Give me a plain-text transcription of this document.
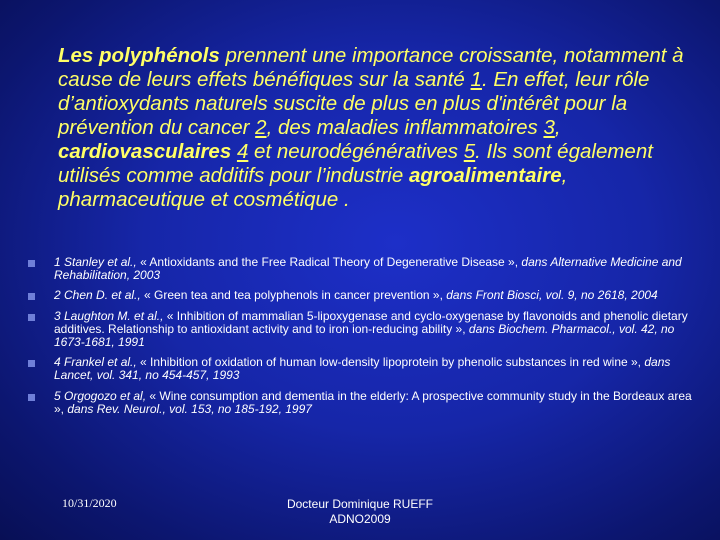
Les polyphénols prennent une importance croissante, notamment à cause de leurs effets bénéfiques sur la santé 1. En effet, leur rôle d’antioxydants naturels suscite de plus en plus d'intérêt pour la prévention du cancer 2, des maladies inflammatoires 3, cardiovasculaires 4 et neurodégénératives 5. Ils sont également utilisés comme additifs pour l’industrie agroalimentaire, pharmaceutique et cosmétique .
1 Stanley et al., « Antioxidants and the Free Radical Theory of Degenerative Disease », dans Alternative Medicine and Rehabilitation, 2003
2 Chen D. et al., « Green tea and tea polyphenols in cancer prevention », dans Front Biosci, vol. 9, no 2618, 2004
3 Laughton M. et al., « Inhibition of mammalian 5-lipoxygenase and cyclo-oxygenase by flavonoids and phenolic dietary additives. Relationship to antioxidant activity and to iron ion-reducing ability », dans Biochem. Pharmacol., vol. 42, no 1673-1681, 1991
4 Frankel et al., « Inhibition of oxidation of human low-density lipoprotein by phenolic substances in red wine », dans Lancet, vol. 341, no 454-457, 1993
5 Orgogozo et al, « Wine consumption and dementia in the elderly: A prospective community study in the Bordeaux area », dans Rev. Neurol., vol. 153, no 185-192, 1997
10/31/2020	Docteur Dominique RUEFF
ADNO2009
